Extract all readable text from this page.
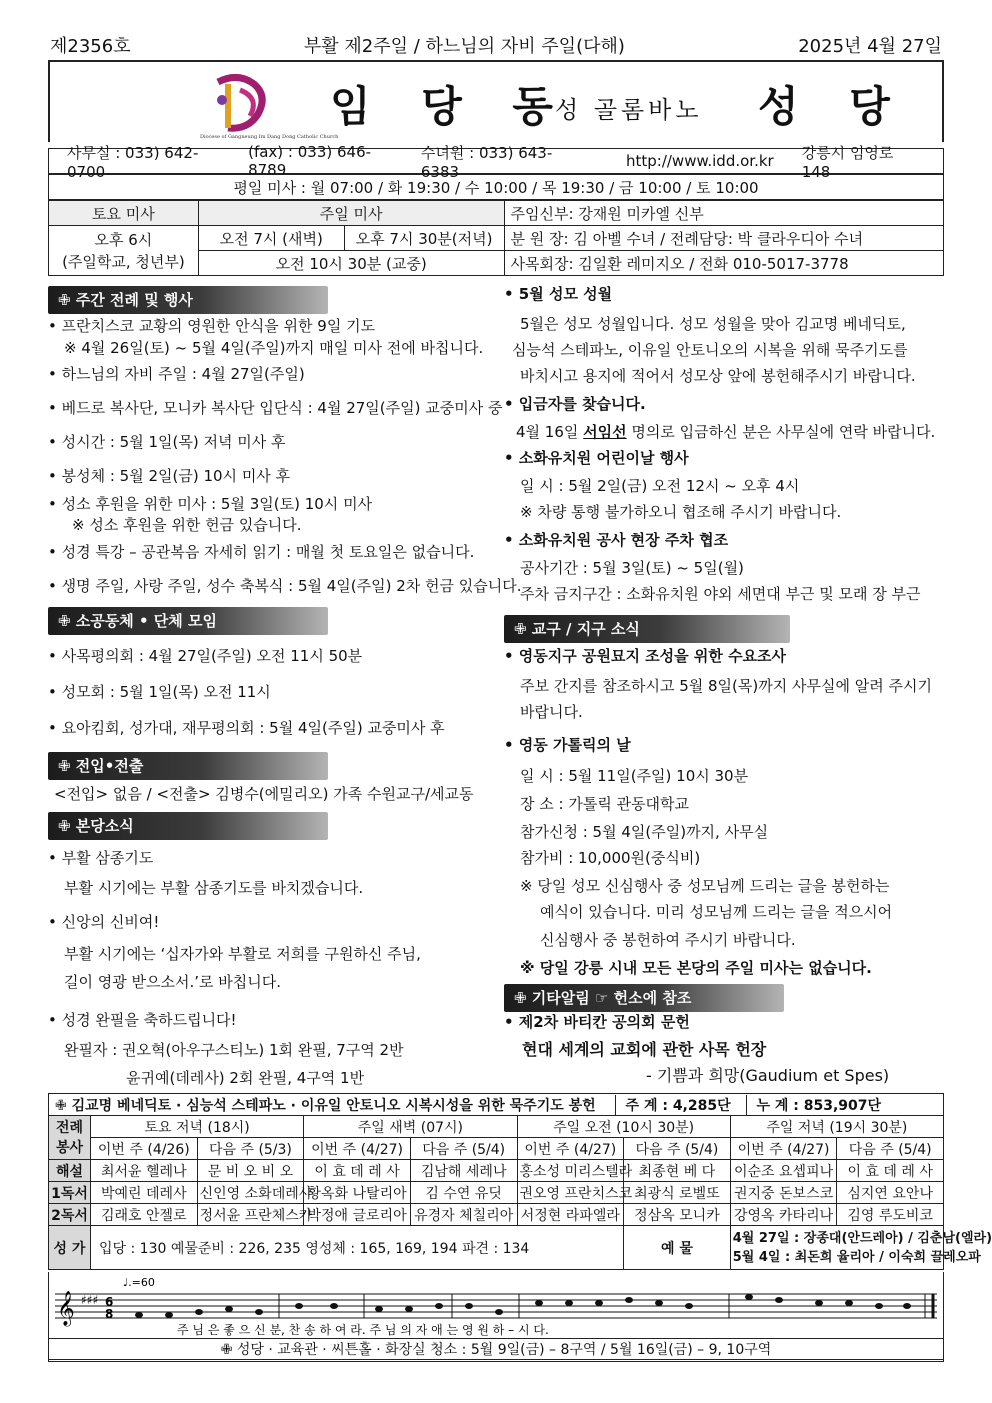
제2356호	부활 제2주일 / 하느님의 자비 주일(다해)	2025년 4월 27일
Diocese of Gangneung Im Dang Dong Catholic Church
임 당 동
성 골롬바노 성 당
사무실 : 033) 642-0700
(fax) : 033) 646-8789
수녀원 : 033) 643-6383
http://www.idd.or.kr 강릉시 임영로 148
평일 미사 : 월 07:00 / 화 19:30 / 수 10:00 / 목 19:30 / 금 10:00 / 토 10:00
토요 미사	주일 미사		주임신부: 강재원 미카엘 신부
오후 6시
(주일학교, 청년부)	오전 7시 (새벽)	오후 7시 30분(저녁)	분 원 장: 김 아벨 수녀 / 전례담당: 박 클라우디아 수녀
	오전 10시 30분 (교중)		사목회장: 김일환 레미지오 / 전화 010-5017-3778
✙ 주간 전례 및 행사
• 프란치스코 교황의 영원한 안식을 위한 9일 기도
※ 4월 26일(토) ~ 5월 4일(주일)까지 매일 미사 전에 바칩니다.
• 하느님의 자비 주일 : 4월 27일(주일)
• 베드로 복사단, 모니카 복사단 입단식 : 4월 27일(주일) 교중미사 중
• 성시간 : 5월 1일(목) 저녁 미사 후
• 봉성체 : 5월 2일(금) 10시 미사 후
• 성소 후원을 위한 미사 : 5월 3일(토) 10시 미사
※ 성소 후원을 위한 헌금 있습니다.
• 성경 특강 – 공관복음 자세히 읽기 : 매월 첫 토요일은 없습니다.
• 생명 주일, 사랑 주일, 성수 축복식 : 5월 4일(주일) 2차 헌금 있습니다.
✙ 소공동체 • 단체 모임
• 사목평의회 : 4월 27일(주일) 오전 11시 50분
• 성모회 : 5월 1일(목) 오전 11시
• 요아킴회, 성가대, 재무평의회 : 5월 4일(주일) 교중미사 후
✙ 전입•전출
<전입> 없음 / <전출> 김병수(에밀리오) 가족 수원교구/세교동
✙ 본당소식
• 부활 삼종기도
부활 시기에는 부활 삼종기도를 바치겠습니다.
• 신앙의 신비여!
부활 시기에는 ‘십자가와 부활로 저희를 구원하신 주님,
길이 영광 받으소서.’로 바칩니다.
• 성경 완필을 축하드립니다!
완필자 : 권오혁(아우구스티노) 1회 완필, 7구역 2반
윤귀예(데레사) 2회 완필, 4구역 1반
• 5월 성모 성월
5월은 성모 성월입니다. 성모 성월을 맞아 김교명 베네딕토,
심능석 스테파노, 이유일 안토니오의 시복을 위해 묵주기도를
바치시고 용지에 적어서 성모상 앞에 봉헌해주시기 바랍니다.
• 입금자를 찾습니다.
4월 16일 서임선 명의로 입금하신 분은 사무실에 연락 바랍니다.
• 소화유치원 어린이날 행사
일 시 : 5월 2일(금) 오전 12시 ~ 오후 4시
※ 차량 통행 불가하오니 협조해 주시기 바랍니다.
• 소화유치원 공사 현장 주차 협조
공사기간 : 5월 3일(토) ~ 5일(월)
주차 금지구간 : 소화유치원 야외 세면대 부근 및 모래 장 부근
✙ 교구 / 지구 소식
• 영동지구 공원묘지 조성을 위한 수요조사
주보 간지를 참조하시고 5월 8일(목)까지 사무실에 알려 주시기
바랍니다.
• 영동 가톨릭의 날
일 시 : 5월 11일(주일) 10시 30분
장 소 : 가톨릭 관동대학교
참가신청 : 5월 4일(주일)까지, 사무실
참가비 : 10,000원(중식비)
※ 당일 성모 신심행사 중 성모님께 드리는 글을 봉헌하는
예식이 있습니다. 미리 성모님께 드리는 글을 적으시어
신심행사 중 봉헌하여 주시기 바랍니다.
※ 당일 강릉 시내 모든 본당의 주일 미사는 없습니다.
✙ 기타알림 ☞ 헌소에 참조
• 제2차 바티칸 공의회 문헌
현대 세계의 교회에 관한 사목 헌장
- 기쁨과 희망(Gaudium et Spes)
✙ 김교명 베네딕토 · 심능석 스테파노 · 이유일 안토니오 시복시성을 위한 묵주기도 봉헌 주 계 : 4,285단 누 계 : 853,907단								
전례
봉사	토요 저녁 (18시)		주일 새벽 (07시)		주일 오전 (10시 30분)		주일 저녁 (19시 30분)	
	이번 주 (4/26)	다음 주 (5/3)	이번 주 (4/27)	다음 주 (5/4)	이번 주 (4/27)	다음 주 (5/4)	이번 주 (4/27)	다음 주 (5/4)
해설	최서윤 헬레나	문 비 오 비 오	이 효 데 레 사	김남해 세레나	홍소성 미리스텔라	최종현 베 다	이순조 요셉피나	이 효 데 레 사
1독서	박예린 데레사	신인영 소화데레사	황옥화 나탈리아	김 수연 유딧	권오영 프란치스코	최광식 로벨또	권지중 돈보스코	심지연 요안나
2독서	김래호 안젤로	정서윤 프란체스카	박정애 글로리아	유경자 체칠리아	서정현 라파엘라	정삼옥 모니카	강영옥 카타리나	김영 루도비코
성 가	입당 : 130 예물준비 : 226, 235 영성체 : 165, 169, 194 파견 : 134					예 물	4월 27일 : 장종대(안드레아) / 김춘남(엘라)
5월 4일 : 최돈희 율리아 / 이숙희 끌레오파	
𝄞 ♯♯♯ 6
8
♩.=60
주 님 은 좋 으 신 분, 찬 송 하 여 라. 주 님 의 자 애 는 영 원 하 – 시 다.
✙ 성당 · 교육관 · 씨튼홀 · 화장실 청소 : 5월 9일(금) – 8구역 / 5월 16일(금) – 9, 10구역
